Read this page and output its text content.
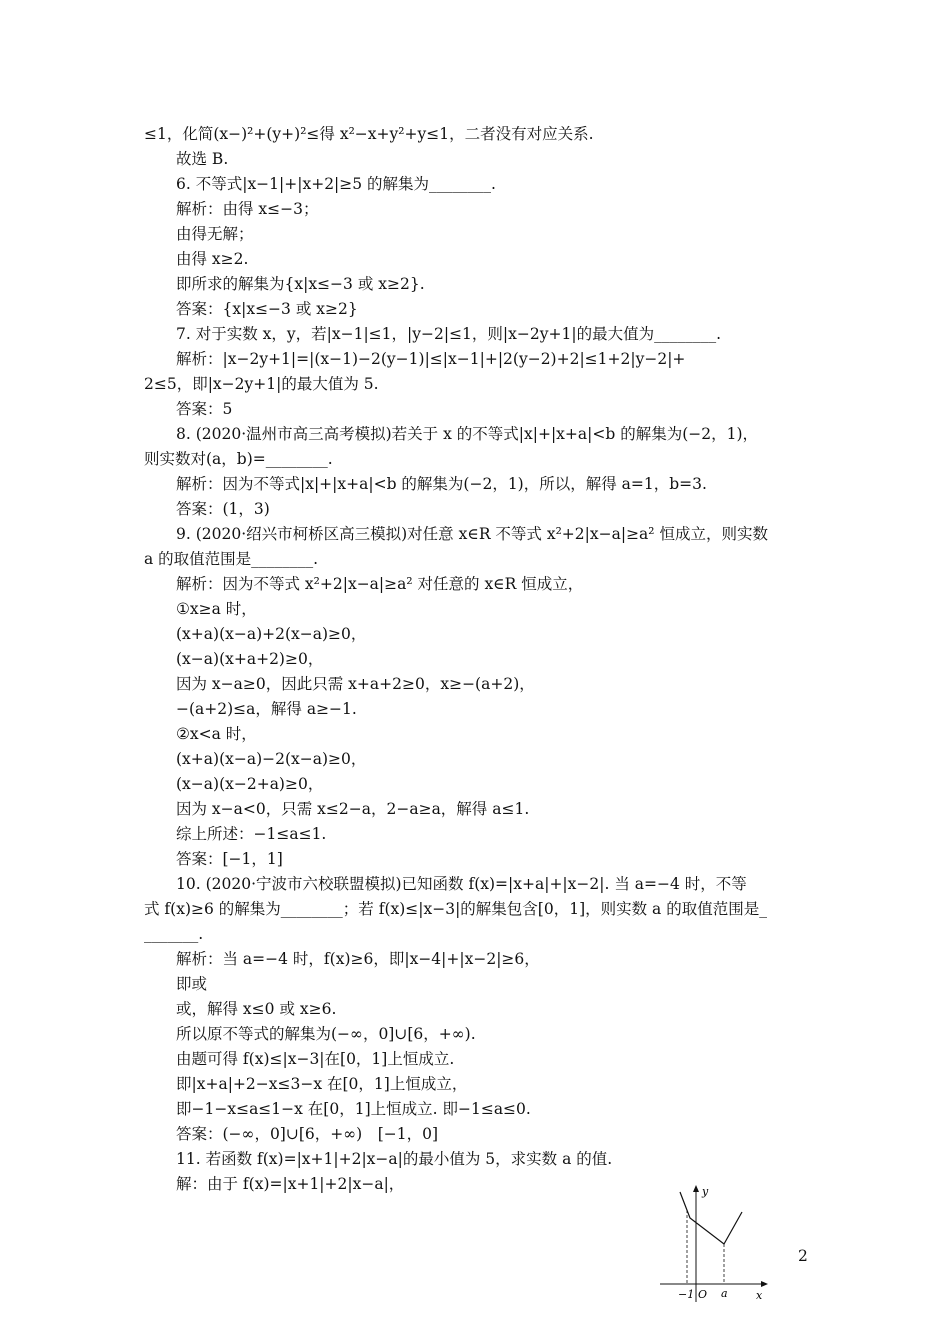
≤1，化简(x−)²+(y+)²≤得 x²−x+y²+y≤1，二者没有对应关系.
故选 B.
6. 不等式|x−1|+|x+2|≥5 的解集为________.
解析：由得 x≤−3；
由得无解；
由得 x≥2.
即所求的解集为{x|x≤−3 或 x≥2}.
答案：{x|x≤−3 或 x≥2}
7. 对于实数 x，y，若|x−1|≤1，|y−2|≤1，则|x−2y+1|的最大值为________.
解析：|x−2y+1|=|(x−1)−2(y−1)|≤|x−1|+|2(y−2)+2|≤1+2|y−2|+
2≤5，即|x−2y+1|的最大值为 5.
答案：5
8. (2020·温州市高三高考模拟)若关于 x 的不等式|x|+|x+a|<b 的解集为(−2，1)，
则实数对(a，b)=________.
解析：因为不等式|x|+|x+a|<b 的解集为(−2，1)，所以，解得 a=1，b=3.
答案：(1，3)
9. (2020·绍兴市柯桥区高三模拟)对任意 x∈R 不等式 x²+2|x−a|≥a² 恒成立，则实数
a 的取值范围是________.
解析：因为不等式 x²+2|x−a|≥a² 对任意的 x∈R 恒成立，
①x≥a 时，
(x+a)(x−a)+2(x−a)≥0，
(x−a)(x+a+2)≥0，
因为 x−a≥0，因此只需 x+a+2≥0，x≥−(a+2)，
−(a+2)≤a，解得 a≥−1.
②x<a 时，
(x+a)(x−a)−2(x−a)≥0，
(x−a)(x−2+a)≥0，
因为 x−a<0，只需 x≤2−a，2−a≥a，解得 a≤1.
综上所述：−1≤a≤1.
答案：[−1，1]
10. (2020·宁波市六校联盟模拟)已知函数 f(x)=|x+a|+|x−2|. 当 a=−4 时，不等
式 f(x)≥6 的解集为________；若 f(x)≤|x−3|的解集包含[0，1]，则实数 a 的取值范围是_
_______.
解析：当 a=−4 时，f(x)≥6，即|x−4|+|x−2|≥6，
即或
或，解得 x≤0 或 x≥6.
所以原不等式的解集为(−∞，0]∪[6，+∞).
由题可得 f(x)≤|x−3|在[0，1]上恒成立.
即|x+a|+2−x≤3−x 在[0，1]上恒成立，
即−1−x≤a≤1−x 在[0，1]上恒成立. 即−1≤a≤0.
答案：(−∞，0]∪[6，+∞)　[−1，0]
11. 若函数 f(x)=|x+1|+2|x−a|的最小值为 5，求实数 a 的值.
解：由于 f(x)=|x+1|+2|x−a|，	y
x
O
−1 a
2
